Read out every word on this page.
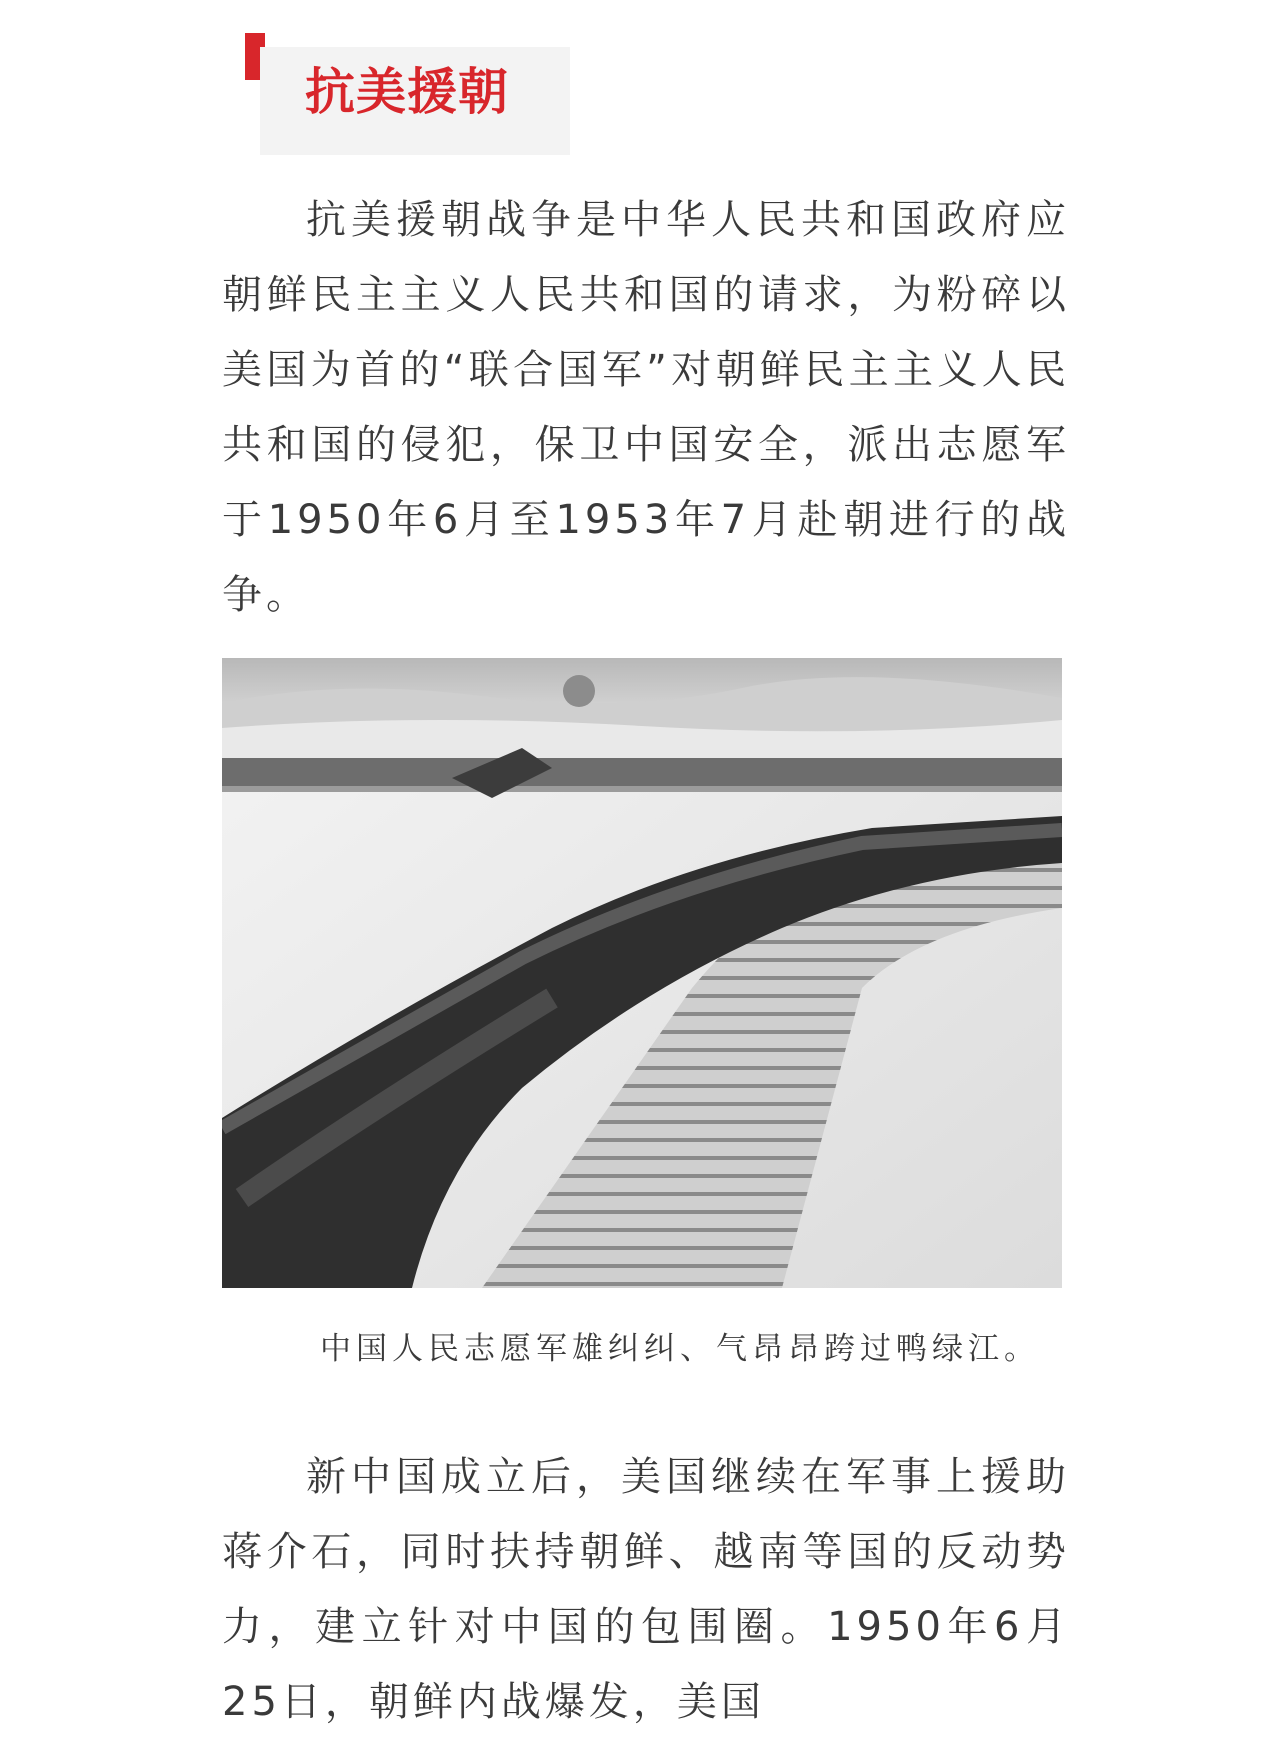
抗美援朝

抗美援朝战争是中华人民共和国政府应朝鲜民主主义人民共和国的请求，为粉碎以美国为首的“联合国军”对朝鲜民主主义人民共和国的侵犯，保卫中国安全，派出志愿军于1950年6月至1953年7月赴朝进行的战争。

中国人民志愿军雄纠纠、气昂昂跨过鸭绿江。

新中国成立后，美国继续在军事上援助蒋介石，同时扶持朝鲜、越南等国的反动势力，建立针对中国的包围圈。1950年6月25日，朝鲜内战爆发，美国
